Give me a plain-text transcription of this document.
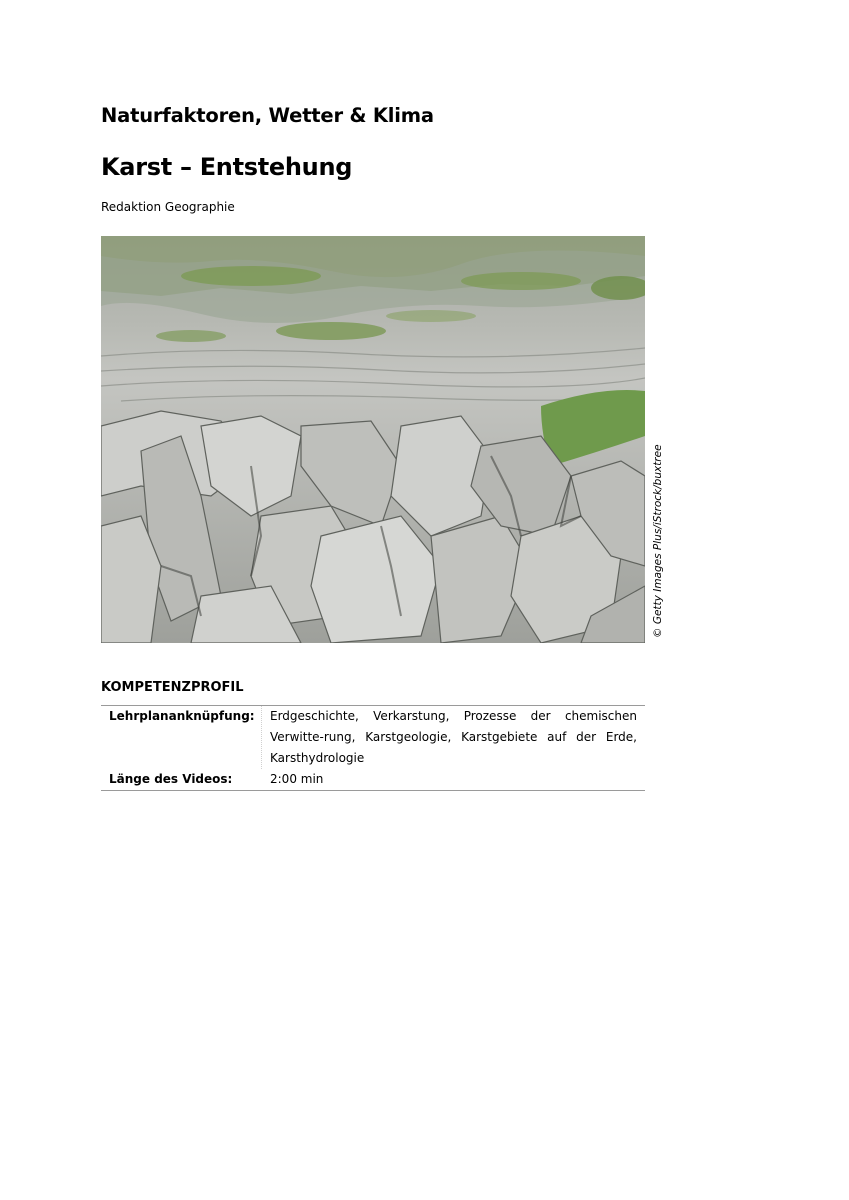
Naturfaktoren, Wetter & Klima
Karst – Entstehung

Redaktion Geographie

© Getty Images Plus/iStrock/buxtree
KOMPETENZPROFIL
Lehrplananknüpfung:	Erdgeschichte, Verkarstung, Prozesse der chemischen Verwitte-rung, Karstgeologie, Karstgebiete auf der Erde, Karsthydrologie
Länge des Videos:	2:00 min
